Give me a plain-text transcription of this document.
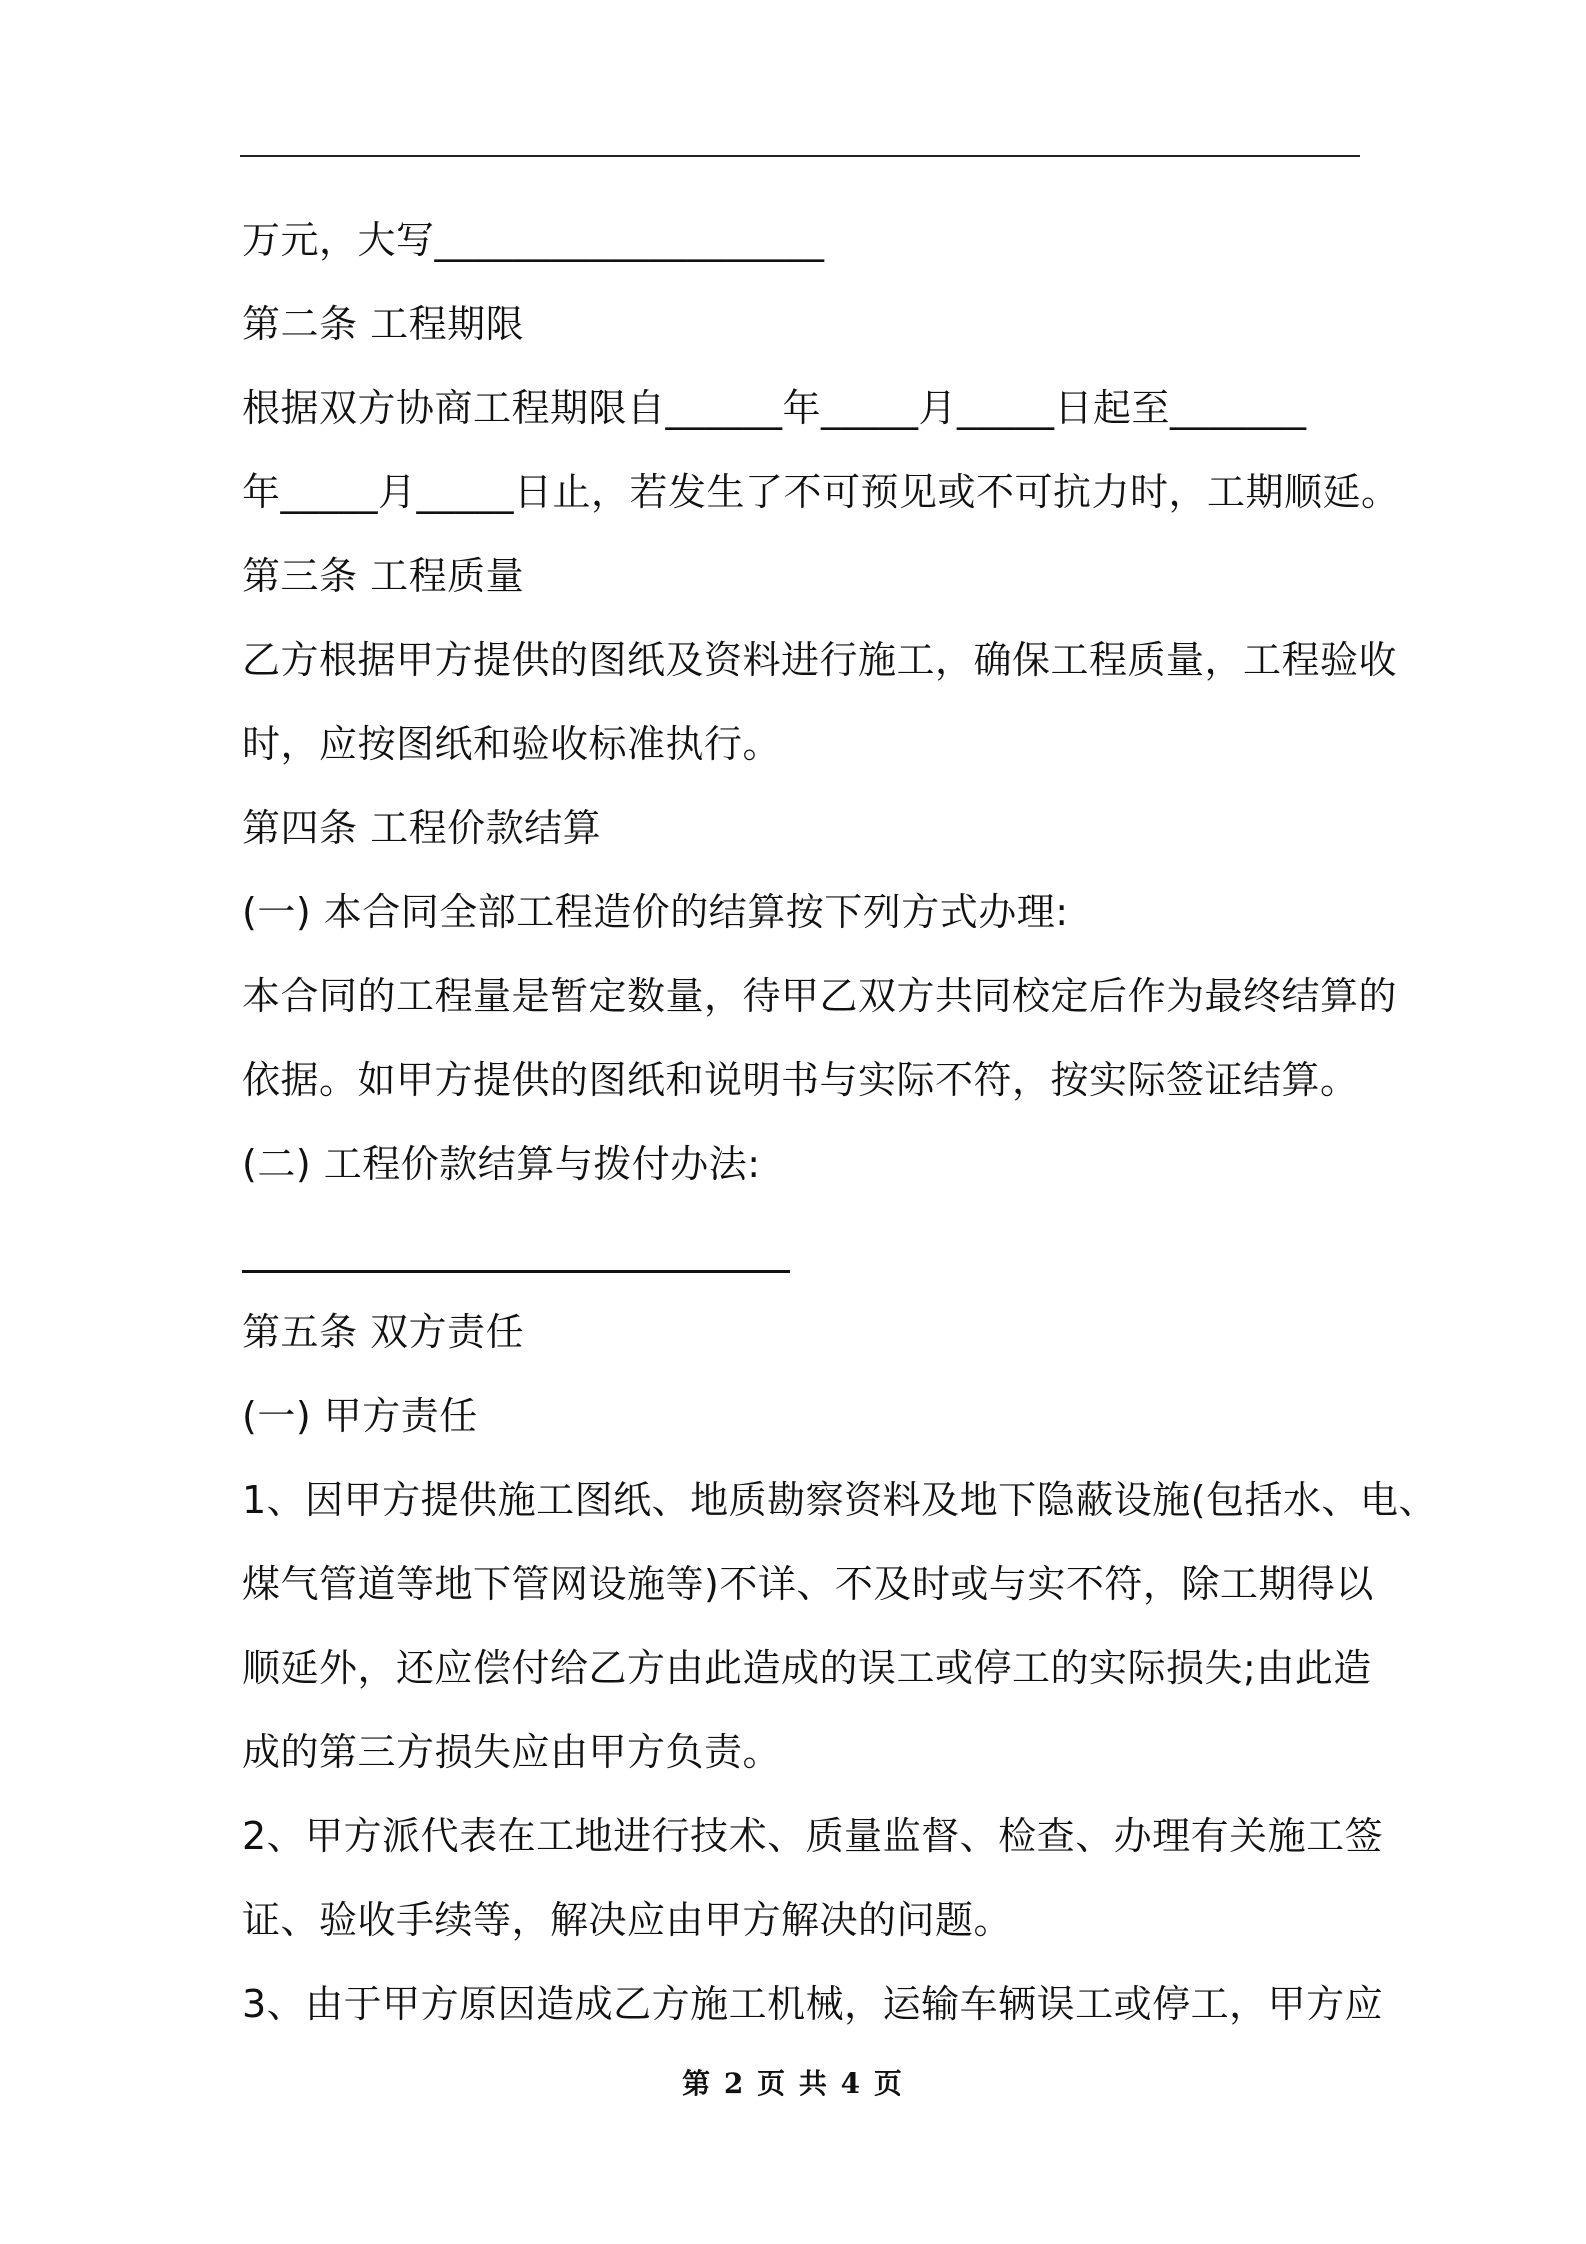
万元，大写____________________
第二条 工程期限
根据双方协商工程期限自______年_____月_____日起至_______
年_____月_____日止，若发生了不可预见或不可抗力时，工期顺延。
第三条 工程质量
乙方根据甲方提供的图纸及资料进行施工，确保工程质量，工程验收
时，应按图纸和验收标准执行。
第四条 工程价款结算
(一) 本合同全部工程造价的结算按下列方式办理:
本合同的工程量是暂定数量，待甲乙双方共同校定后作为最终结算的
依据。如甲方提供的图纸和说明书与实际不符，按实际签证结算。
(二) 工程价款结算与拨付办法:
第五条 双方责任
(一) 甲方责任
1、因甲方提供施工图纸、地质勘察资料及地下隐蔽设施(包括水、电、
煤气管道等地下管网设施等)不详、不及时或与实不符，除工期得以
顺延外，还应偿付给乙方由此造成的误工或停工的实际损失;由此造
成的第三方损失应由甲方负责。
2、甲方派代表在工地进行技术、质量监督、检查、办理有关施工签
证、验收手续等，解决应由甲方解决的问题。
3、由于甲方原因造成乙方施工机械，运输车辆误工或停工，甲方应
第 2 页 共 4 页
